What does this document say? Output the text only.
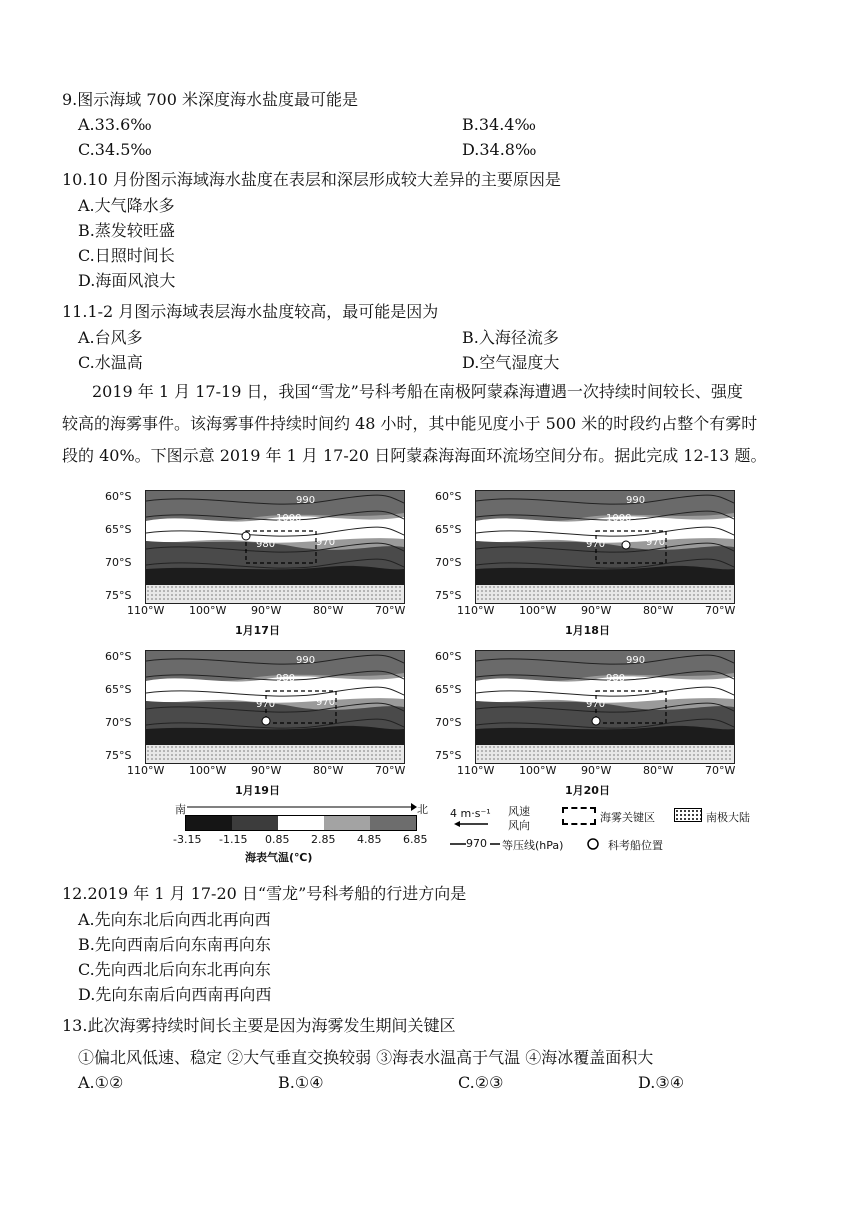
9.图示海域 700 米深度海水盐度最可能是
A.33.6‰	B.34.4‰
C.34.5‰	D.34.8‰
10.10 月份图示海域海水盐度在表层和深层形成较大差异的主要原因是
A.大气降水多
B.蒸发较旺盛
C.日照时间长
D.海面风浪大
11.1-2 月图示海域表层海水盐度较高，最可能是因为
A.台风多	B.入海径流多
C.水温高	D.空气湿度大
2019 年 1 月 17-19 日，我国“雪龙”号科考船在南极阿蒙森海遭遇一次持续时间较长、强度
较高的海雾事件。该海雾事件持续时间约 48 小时，其中能见度小于 500 米的时段约占整个有雾时
段的 40%。下图示意 2019 年 1 月 17-20 日阿蒙森海海面环流场空间分布。据此完成 12-13 题。
60°S
65°S
70°S
75°S
110°W 100°W 90°W	80°W	70°W
990
1000
980	970
1月17日
60°S
65°S
70°S
75°S
110°W 100°W 90°W	80°W	70°W
990
1000
970	970
1月18日
60°S
65°S
70°S
75°S
110°W 100°W 90°W	80°W	70°W
990
980
970	970
1月19日
60°S
65°S
70°S
75°S
110°W 100°W 90°W	80°W	70°W
990
980
970
1月20日
南	北
-3.15 -1.15 0.85 2.85 4.85 6.85
海表气温(℃)
4 m·s⁻¹ 风速
风向
海雾关键区	南极大陆
970 等压线(hPa)	科考船位置
12.2019 年 1 月 17-20 日“雪龙”号科考船的行进方向是
A.先向东北后向西北再向西
B.先向西南后向东南再向东
C.先向西北后向东北再向东
D.先向东南后向西南再向西
13.此次海雾持续时间长主要是因为海雾发生期间关键区
①偏北风低速、稳定 ②大气垂直交换较弱 ③海表水温高于气温 ④海冰覆盖面积大
A.①②	B.①④	C.②③	D.③④
